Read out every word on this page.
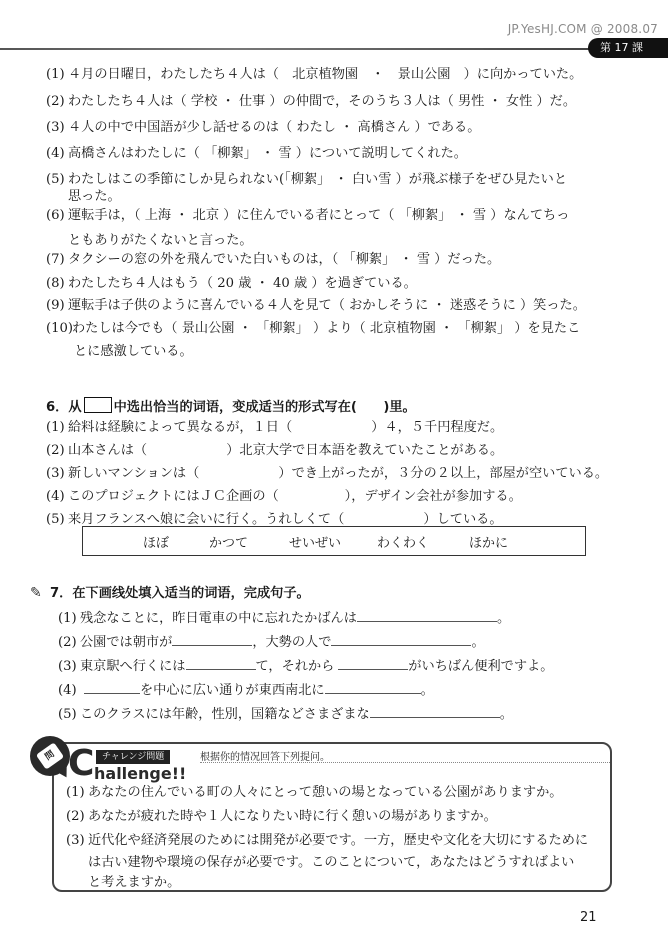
JP.YesHJ.COM @ 2008.07
第 17 課
(1) ４月の日曜日，わたしたち４人は（　北京植物園　・　景山公園　）に向かっていた。
(2) わたしたち４人は（ 学校 ・ 仕事 ）の仲間で，そのうち３人は（ 男性 ・ 女性 ）だ。
(3) ４人の中で中国語が少し話せるのは（ わたし ・ 高橋さん ）である。
(4) 高橋さんはわたしに（ 「柳絮」 ・ 雪 ）について説明してくれた。
(5) わたしはこの季節にしか見られない(「柳絮」 ・ 白い雪 ）が飛ぶ様子をぜひ見たいと
思った。
(6) 運転手は，（ 上海 ・ 北京 ）に住んでいる者にとって（ 「柳絮」 ・ 雪 ）なんてちっ
ともありがたくないと言った。
(7) タクシーの窓の外を飛んでいた白いものは，（ 「柳絮」 ・ 雪 ）だった。
(8) わたしたち４人はもう（ 20 歳 ・ 40 歳 ）を過ぎている。
(9) 運転手は子供のように喜んでいる４人を見て（ おかしそうに ・ 迷惑そうに ）笑った。
(10)わたしは今でも（ 景山公園 ・ 「柳絮」 ）より（ 北京植物園 ・ 「柳絮」 ）を見たこ
とに感激している。
6．从 中选出恰当的词语，变成适当的形式写在(　　)里。
(1) 給料は経験によって異なるが，１日（　　　　　　）４，５千円程度だ。
(2) 山本さんは（　　　　　　）北京大学で日本語を教えていたことがある。
(3) 新しいマンションは（　　　　　　）でき上がったが，３分の２以上，部屋が空いている。
(4) このプロジェクトにはＪＣ企画の（　　　　　），デザイン会社が参加する。
(5) 来月フランスへ娘に会いに行く。うれしくて（　　　　　　）している。
ほぼ	かつて	せいぜい	わくわく	ほかに
✎ 7．在下画线处填入适当的词语，完成句子。
(1) 残念なことに，昨日電車の中に忘れたかばんは	。
(2) 公園では朝市が	，大勢の人で	。
(3) 東京駅へ行くには	て，それから	がいちばん便利ですよ。
(4)	を中心に広い通りが東西南北に	。
(5) このクラスには年齢，性別，国籍などさまざまな	。
問 C チャレンジ問題
hallenge!!
根据你的情况回答下列提问。
(1) あなたの住んでいる町の人々にとって憩いの場となっている公園がありますか。
(2) あなたが疲れた時や１人になりたい時に行く憩いの場がありますか。
(3) 近代化や経済発展のためには開発が必要です。一方，歴史や文化を大切にするために
は古い建物や環境の保存が必要です。このことについて，あなたはどうすればよい
と考えますか。
21
